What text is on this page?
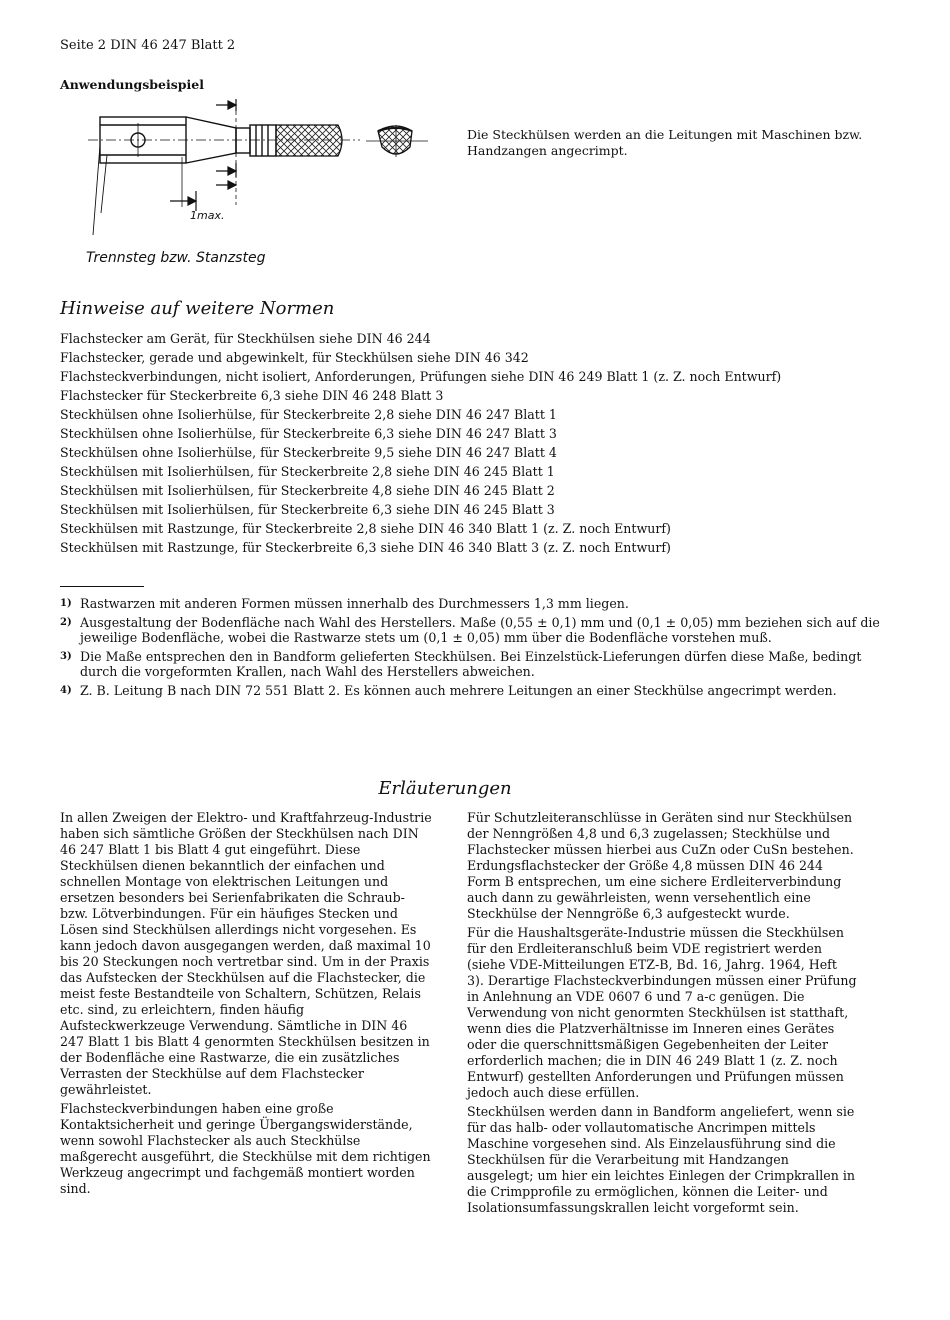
Seite 2 DIN 46 247 Blatt 2
Anwendungsbeispiel
1max.
Trennsteg bzw. Stanzsteg
Die Steckhülsen werden an die Leitungen mit Maschinen bzw. Handzangen angecrimpt.
Hinweise auf weitere Normen
Flachstecker am Gerät, für Steckhülsen siehe DIN 46 244
Flachstecker, gerade und abgewinkelt, für Steckhülsen siehe DIN 46 342
Flachsteckverbindungen, nicht isoliert, Anforderungen, Prüfungen siehe DIN 46 249 Blatt 1 (z. Z. noch Entwurf)
Flachstecker für Steckerbreite 6,3 siehe DIN 46 248 Blatt 3
Steckhülsen ohne Isolierhülse, für Steckerbreite 2,8 siehe DIN 46 247 Blatt 1
Steckhülsen ohne Isolierhülse, für Steckerbreite 6,3 siehe DIN 46 247 Blatt 3
Steckhülsen ohne Isolierhülse, für Steckerbreite 9,5 siehe DIN 46 247 Blatt 4
Steckhülsen mit Isolierhülsen, für Steckerbreite 2,8 siehe DIN 46 245 Blatt 1
Steckhülsen mit Isolierhülsen, für Steckerbreite 4,8 siehe DIN 46 245 Blatt 2
Steckhülsen mit Isolierhülsen, für Steckerbreite 6,3 siehe DIN 46 245 Blatt 3
Steckhülsen mit Rastzunge, für Steckerbreite 2,8 siehe DIN 46 340 Blatt 1 (z. Z. noch Entwurf)
Steckhülsen mit Rastzunge, für Steckerbreite 6,3 siehe DIN 46 340 Blatt 3 (z. Z. noch Entwurf)
1) Rastwarzen mit anderen Formen müssen innerhalb des Durchmessers 1,3 mm liegen.
2) Ausgestaltung der Bodenfläche nach Wahl des Herstellers. Maße (0,55 ± 0,1) mm und (0,1 ± 0,05) mm beziehen sich auf die jeweilige Bodenfläche, wobei die Rastwarze stets um (0,1 ± 0,05) mm über die Bodenfläche vorstehen muß.
3) Die Maße entsprechen den in Bandform gelieferten Steckhülsen. Bei Einzelstück-Lieferungen dürfen diese Maße, bedingt durch die vorgeformten Krallen, nach Wahl des Herstellers abweichen.
4) Z. B. Leitung B nach DIN 72 551 Blatt 2. Es können auch mehrere Leitungen an einer Steckhülse angecrimpt werden.
Erläuterungen

In allen Zweigen der Elektro- und Kraftfahrzeug-Industrie haben sich sämtliche Größen der Steckhülsen nach DIN 46 247 Blatt 1 bis Blatt 4 gut eingeführt. Diese Steckhülsen dienen bekanntlich der einfachen und schnellen Montage von elektrischen Leitungen und ersetzen besonders bei Serienfabrikaten die Schraub- bzw. Lötverbindungen. Für ein häufiges Stecken und Lösen sind Steckhülsen allerdings nicht vorgesehen. Es kann jedoch davon ausgegangen werden, daß maximal 10 bis 20 Steckungen noch vertretbar sind. Um in der Praxis das Aufstecken der Steckhülsen auf die Flachstecker, die meist feste Bestandteile von Schaltern, Schützen, Relais etc. sind, zu erleichtern, finden häufig Aufsteckwerkzeuge Verwendung. Sämtliche in DIN 46 247 Blatt 1 bis Blatt 4 genormten Steckhülsen besitzen in der Bodenfläche eine Rastwarze, die ein zusätzliches Verrasten der Steckhülse auf dem Flachstecker gewährleistet.

Flachsteckverbindungen haben eine große Kontaktsicherheit und geringe Übergangswiderstände, wenn sowohl Flachstecker als auch Steckhülse maßgerecht ausgeführt, die Steckhülse mit dem richtigen Werkzeug angecrimpt und fachgemäß montiert worden sind.

Für Schutzleiteranschlüsse in Geräten sind nur Steckhülsen der Nenngrößen 4,8 und 6,3 zugelassen; Steckhülse und Flachstecker müssen hierbei aus CuZn oder CuSn bestehen. Erdungsflachstecker der Größe 4,8 müssen DIN 46 244 Form B entsprechen, um eine sichere Erdleiterverbindung auch dann zu gewährleisten, wenn versehentlich eine Steckhülse der Nenngröße 6,3 aufgesteckt wurde.

Für die Haushaltsgeräte-Industrie müssen die Steckhülsen für den Erdleiteranschluß beim VDE registriert werden (siehe VDE-Mitteilungen ETZ-B, Bd. 16, Jahrg. 1964, Heft 3). Derartige Flachsteckverbindungen müssen einer Prüfung in Anlehnung an VDE 0607 6 und 7 a-c genügen. Die Verwendung von nicht genormten Steckhülsen ist statthaft, wenn dies die Platzverhältnisse im Inneren eines Gerätes oder die querschnittsmäßigen Gegebenheiten der Leiter erforderlich machen; die in DIN 46 249 Blatt 1 (z. Z. noch Entwurf) gestellten Anforderungen und Prüfungen müssen jedoch auch diese erfüllen.

Steckhülsen werden dann in Bandform angeliefert, wenn sie für das halb- oder vollautomatische Ancrimpen mittels Maschine vorgesehen sind. Als Einzelausführung sind die Steckhülsen für die Verarbeitung mit Handzangen ausgelegt; um hier ein leichtes Einlegen der Crimpkrallen in die Crimpprofile zu ermöglichen, können die Leiter- und Isolationsumfassungskrallen leicht vorgeformt sein.
